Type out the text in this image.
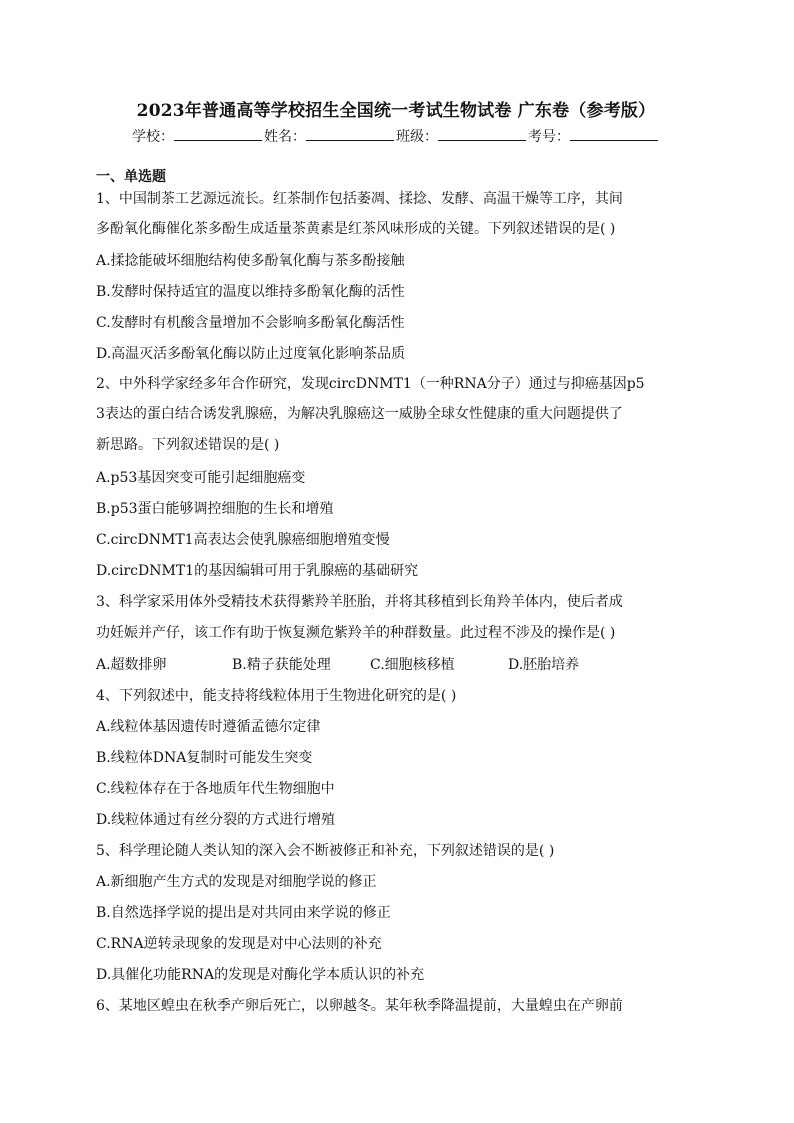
2023年普通高等学校招生全国统一考试生物试卷 广东卷（参考版）
学校：	姓名：	班级：	考号：
一、单选题
1、中国制茶工艺源远流长。红茶制作包括萎凋、揉捻、发酵、高温干燥等工序，其间
多酚氧化酶催化茶多酚生成适量茶黄素是红茶风味形成的关键。下列叙述错误的是( )
A.揉捻能破坏细胞结构使多酚氧化酶与茶多酚接触
B.发酵时保持适宜的温度以维持多酚氧化酶的活性
C.发酵时有机酸含量增加不会影响多酚氧化酶活性
D.高温灭活多酚氧化酶以防止过度氧化影响茶品质
2、中外科学家经多年合作研究，发现circDNMT1（一种RNA分子）通过与抑癌基因p5
3表达的蛋白结合诱发乳腺癌，为解决乳腺癌这一威胁全球女性健康的重大问题提供了
新思路。下列叙述错误的是( )
A.p53基因突变可能引起细胞癌变
B.p53蛋白能够调控细胞的生长和增殖
C.circDNMT1高表达会使乳腺癌细胞增殖变慢
D.circDNMT1的基因编辑可用于乳腺癌的基础研究
3、科学家采用体外受精技术获得紫羚羊胚胎，并将其移植到长角羚羊体内，使后者成
功妊娠并产仔，该工作有助于恢复濒危紫羚羊的种群数量。此过程不涉及的操作是( )
A.超数排卵	B.精子获能处理	C.细胞核移植	D.胚胎培养
4、下列叙述中，能支持将线粒体用于生物进化研究的是( )
A.线粒体基因遗传时遵循孟德尔定律
B.线粒体DNA复制时可能发生突变
C.线粒体存在于各地质年代生物细胞中
D.线粒体通过有丝分裂的方式进行增殖
5、科学理论随人类认知的深入会不断被修正和补充，下列叙述错误的是( )
A.新细胞产生方式的发现是对细胞学说的修正
B.自然选择学说的提出是对共同由来学说的修正
C.RNA逆转录现象的发现是对中心法则的补充
D.具催化功能RNA的发现是对酶化学本质认识的补充
6、某地区蝗虫在秋季产卵后死亡，以卵越冬。某年秋季降温提前，大量蝗虫在产卵前
